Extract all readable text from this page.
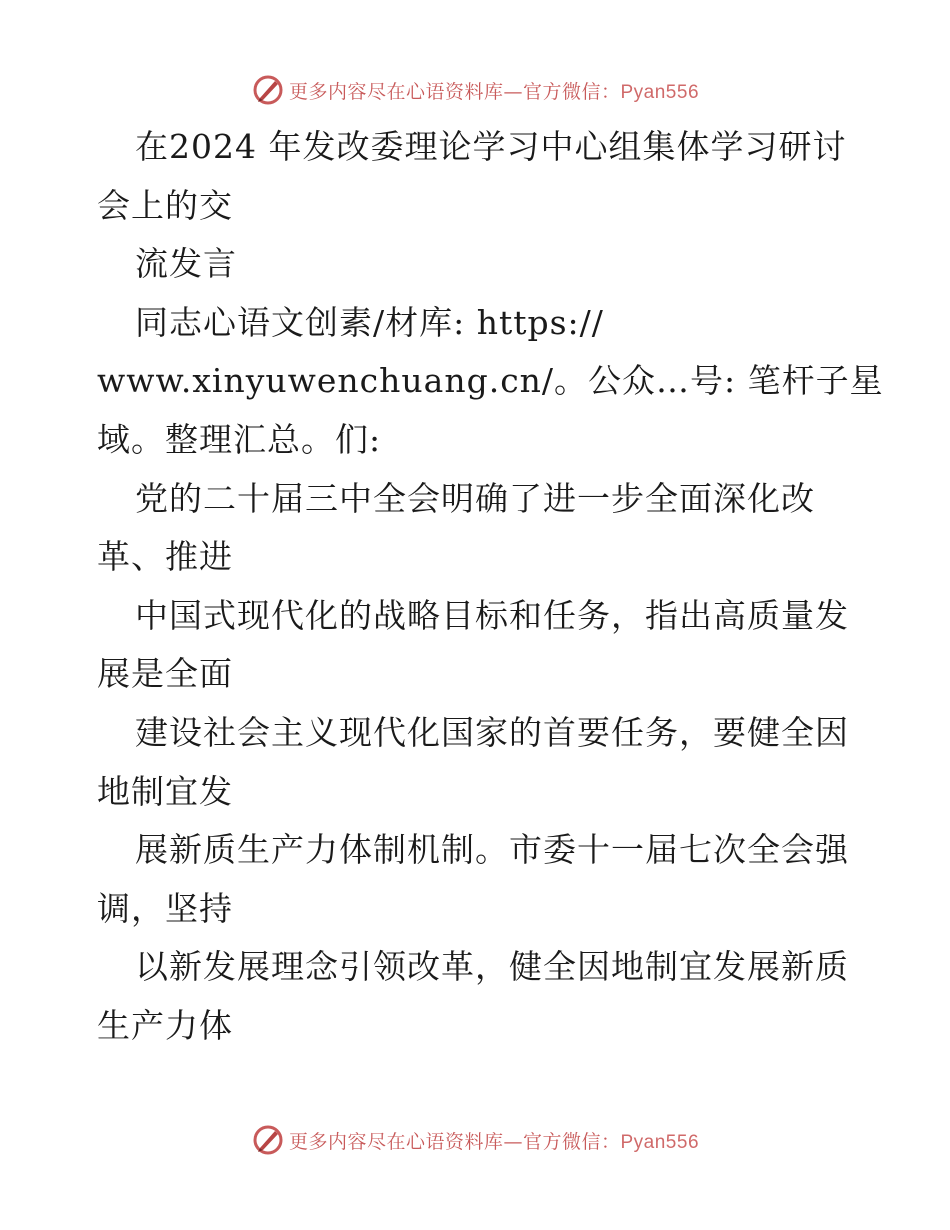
更多内容尽在心语资料库—官方微信：Pyan556
在2024 年发改委理论学习中心组集体学习研讨
会上的交
流发言
同志心语文创素/材库: https://
www.xinyuwenchuang.cn/。公众…号: 笔杆子星
域。整理汇总。们:
党的二十届三中全会明确了进一步全面深化改
革、推进
中国式现代化的战略目标和任务，指出高质量发
展是全面
建设社会主义现代化国家的首要任务，要健全因
地制宜发
展新质生产力体制机制。市委十一届七次全会强
调，坚持
以新发展理念引领改革，健全因地制宜发展新质
生产力体
更多内容尽在心语资料库—官方微信：Pyan556
